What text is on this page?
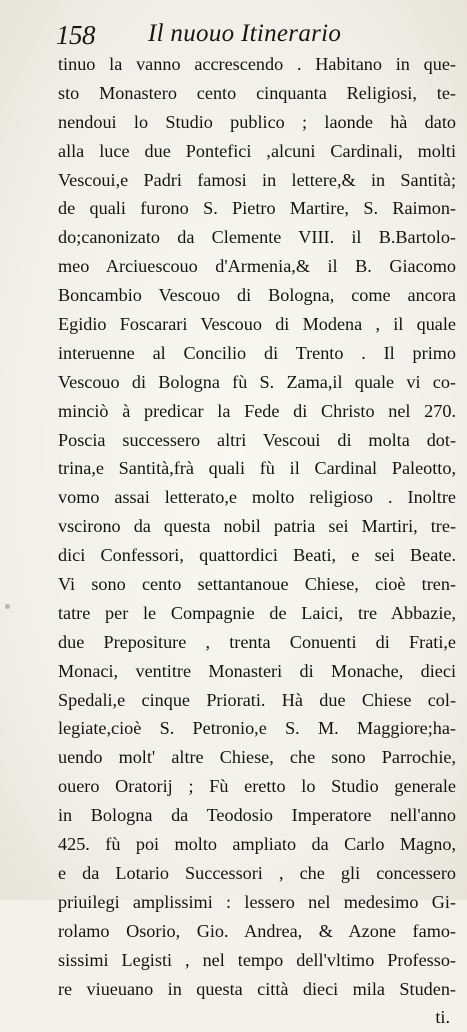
158 Il nuouo Itinerario
tinuo la vanno accrescendo . Habitano in que-
sto Monastero cento cinquanta Religiosi, te-
nendoui lo Studio publico ; laonde hà dato
alla luce due Pontefici ,alcuni Cardinali, molti
Vescoui,e Padri famosi in lettere,& in Santità;
de quali furono S. Pietro Martire, S. Raimon-
do;canonizato da Clemente VIII. il B.Bartolo-
meo Arciuescouo d'Armenia,& il B. Giacomo
Boncambio Vescouo di Bologna, come ancora
Egidio Foscarari Vescouo di Modena , il quale
interuenne al Concilio di Trento . Il primo
Vescouo di Bologna fù S. Zama,il quale vi co-
minciò à predicar la Fede di Christo nel 270.
Poscia successero altri Vescoui di molta dot-
trina,e Santità,frà quali fù il Cardinal Paleotto,
vomo assai letterato,e molto religioso . Inoltre
vscirono da questa nobil patria sei Martiri, tre-
dici Confessori, quattordici Beati, e sei Beate.
Vi sono cento settantanoue Chiese, cioè tren-
tatre per le Compagnie de Laici, tre Abbazie,
due Prepositure , trenta Conuenti di Frati,e
Monaci, ventitre Monasteri di Monache, dieci
Spedali,e cinque Priorati. Hà due Chiese col-
legiate,cioè S. Petronio,e S. M. Maggiore;ha-
uendo molt' altre Chiese, che sono Parrochie,
ouero Oratorij ; Fù eretto lo Studio generale
in Bologna da Teodosio Imperatore nell'anno
425. fù poi molto ampliato da Carlo Magno,
e da Lotario Successori , che gli concessero
priuilegi amplissimi : lessero nel medesimo Gi-
rolamo Osorio, Gio. Andrea, & Azone famo-
sissimi Legisti , nel tempo dell'vltimo Professo-
re viueuano in questa città dieci mila Studen-
ti.
